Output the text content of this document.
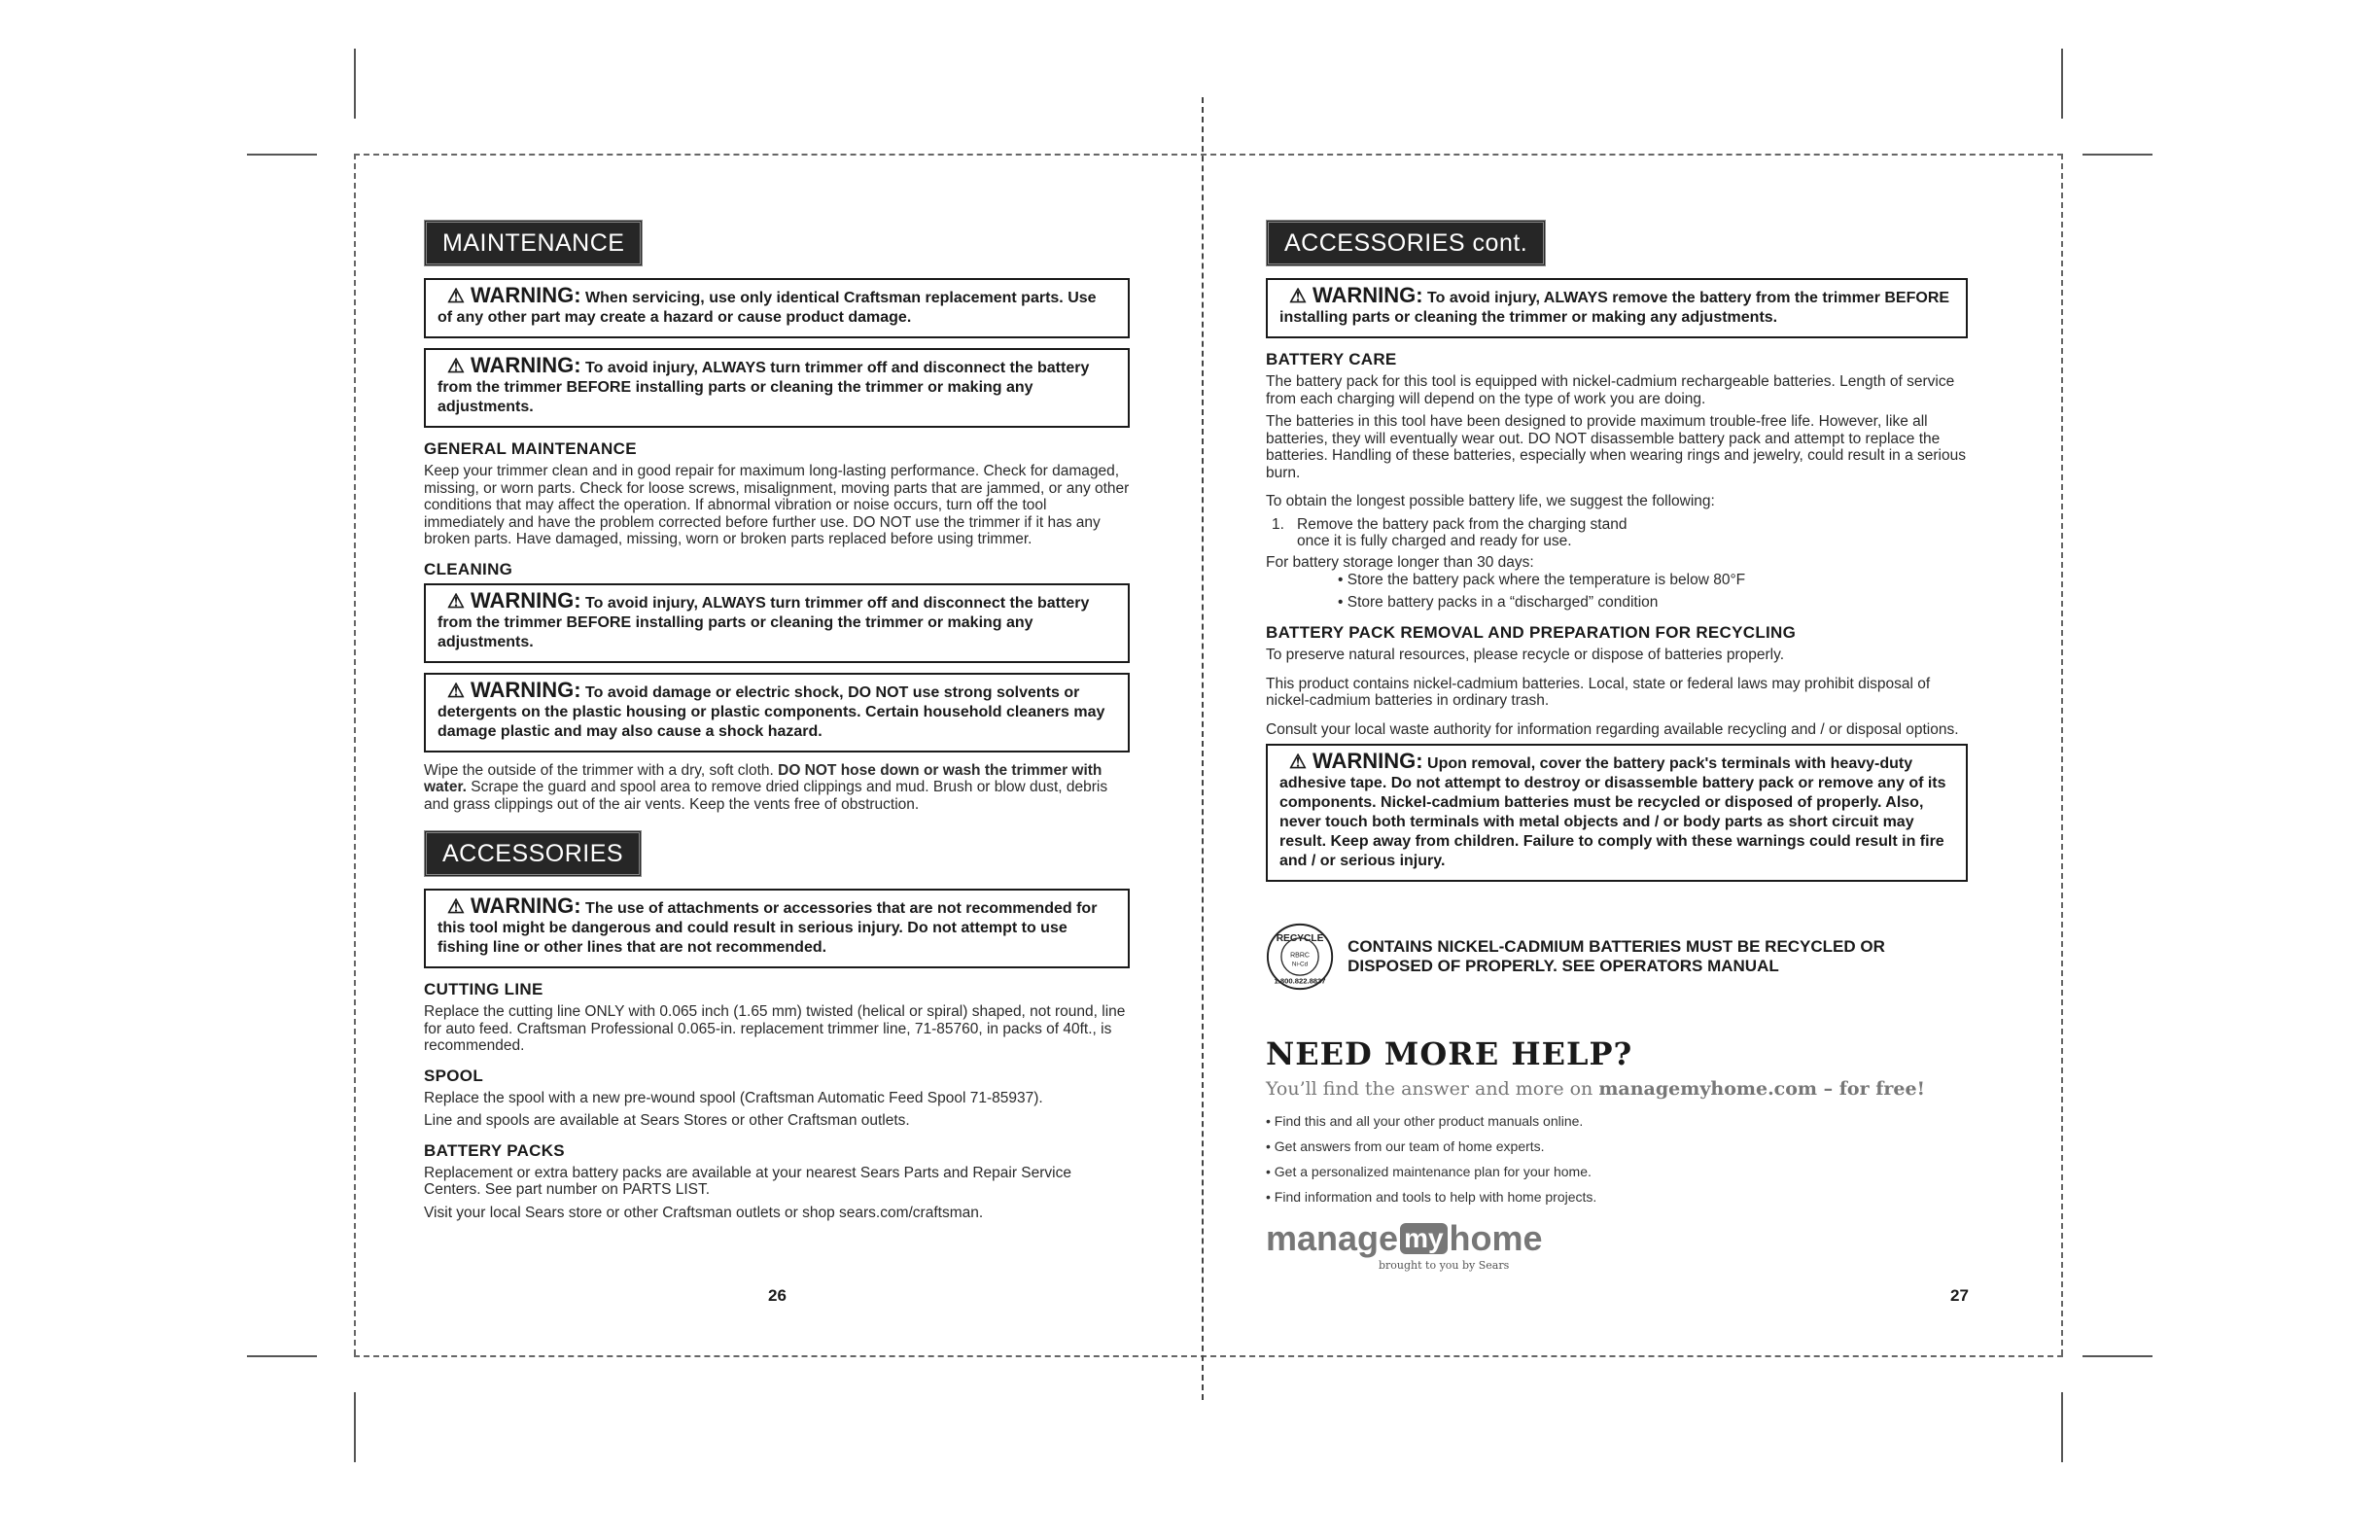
MAINTENANCE
⚠ WARNING: When servicing, use only identical Craftsman replacement parts. Use of any other part may create a hazard or cause product damage.
⚠ WARNING: To avoid injury, ALWAYS turn trimmer off and disconnect the battery from the trimmer BEFORE installing parts or cleaning the trimmer or making any adjustments.
GENERAL MAINTENANCE

Keep your trimmer clean and in good repair for maximum long-lasting performance. Check for damaged, missing, or worn parts. Check for loose screws, misalignment, moving parts that are jammed, or any other conditions that may affect the operation. If abnormal vibration or noise occurs, turn off the tool immediately and have the problem corrected before further use. DO NOT use the trimmer if it has any broken parts. Have damaged, missing, worn or broken parts replaced before using trimmer.

CLEANING
⚠ WARNING: To avoid injury, ALWAYS turn trimmer off and disconnect the battery from the trimmer BEFORE installing parts or cleaning the trimmer or making any adjustments.
⚠ WARNING: To avoid damage or electric shock, DO NOT use strong solvents or detergents on the plastic housing or plastic components. Certain household cleaners may damage plastic and may also cause a shock hazard.

Wipe the outside of the trimmer with a dry, soft cloth. DO NOT hose down or wash the trimmer with water. Scrape the guard and spool area to remove dried clippings and mud. Brush or blow dust, debris and grass clippings out of the air vents. Keep the vents free of obstruction.

ACCESSORIES
⚠ WARNING: The use of attachments or accessories that are not recommended for this tool might be dangerous and could result in serious injury. Do not attempt to use fishing line or other lines that are not recommended.
CUTTING LINE

Replace the cutting line ONLY with 0.065 inch (1.65 mm) twisted (helical or spiral) shaped, not round, line for auto feed. Craftsman Professional 0.065-in. replacement trimmer line, 71-85760, in packs of 40ft., is recommended.

SPOOL

Replace the spool with a new pre-wound spool (Craftsman Automatic Feed Spool 71-85937).

Line and spools are available at Sears Stores or other Craftsman outlets.

BATTERY PACKS

Replacement or extra battery packs are available at your nearest Sears Parts and Repair Service Centers. See part number on PARTS LIST.

Visit your local Sears store or other Craftsman outlets or shop sears.com/craftsman.

26
ACCESSORIES cont.
⚠ WARNING: To avoid injury, ALWAYS remove the battery from the trimmer BEFORE installing parts or cleaning the trimmer or making any adjustments.
BATTERY CARE

The battery pack for this tool is equipped with nickel-cadmium rechargeable batteries. Length of service from each charging will depend on the type of work you are doing.

The batteries in this tool have been designed to provide maximum trouble-free life. However, like all batteries, they will eventually wear out. DO NOT disassemble battery pack and attempt to replace the batteries. Handling of these batteries, especially when wearing rings and jewelry, could result in a serious burn.

To obtain the longest possible battery life, we suggest the following:

1. Remove the battery pack from the charging stand once it is fully charged and ready for use.

For battery storage longer than 30 days:

• Store the battery pack where the temperature is below 80°F
• Store battery packs in a “discharged” condition
BATTERY PACK REMOVAL AND PREPARATION FOR RECYCLING

To preserve natural resources, please recycle or dispose of batteries properly.

This product contains nickel-cadmium batteries. Local, state or federal laws may prohibit disposal of nickel-cadmium batteries in ordinary trash.

Consult your local waste authority for information regarding available recycling and / or disposal options.

⚠ WARNING: Upon removal, cover the battery pack's terminals with heavy-duty adhesive tape. Do not attempt to destroy or disassemble battery pack or remove any of its components. Nickel-cadmium batteries must be recycled or disposed of properly. Also, never touch both terminals with metal objects and / or body parts as short circuit may result. Keep away from children. Failure to comply with these warnings could result in fire and / or serious injury.
RECYCLE
RBRC
Ni-Cd
1.800.822.8837
CONTAINS NICKEL-CADMIUM BATTERIES MUST BE RECYCLED OR DISPOSED OF PROPERLY. SEE OPERATORS MANUAL
NEED MORE HELP?
You’ll find the answer and more on managemyhome.com – for free!
• Find this and all your other product manuals online.
• Get answers from our team of home experts.
• Get a personalized maintenance plan for your home.
• Find information and tools to help with home projects.
manage my home
brought to you by Sears
27
